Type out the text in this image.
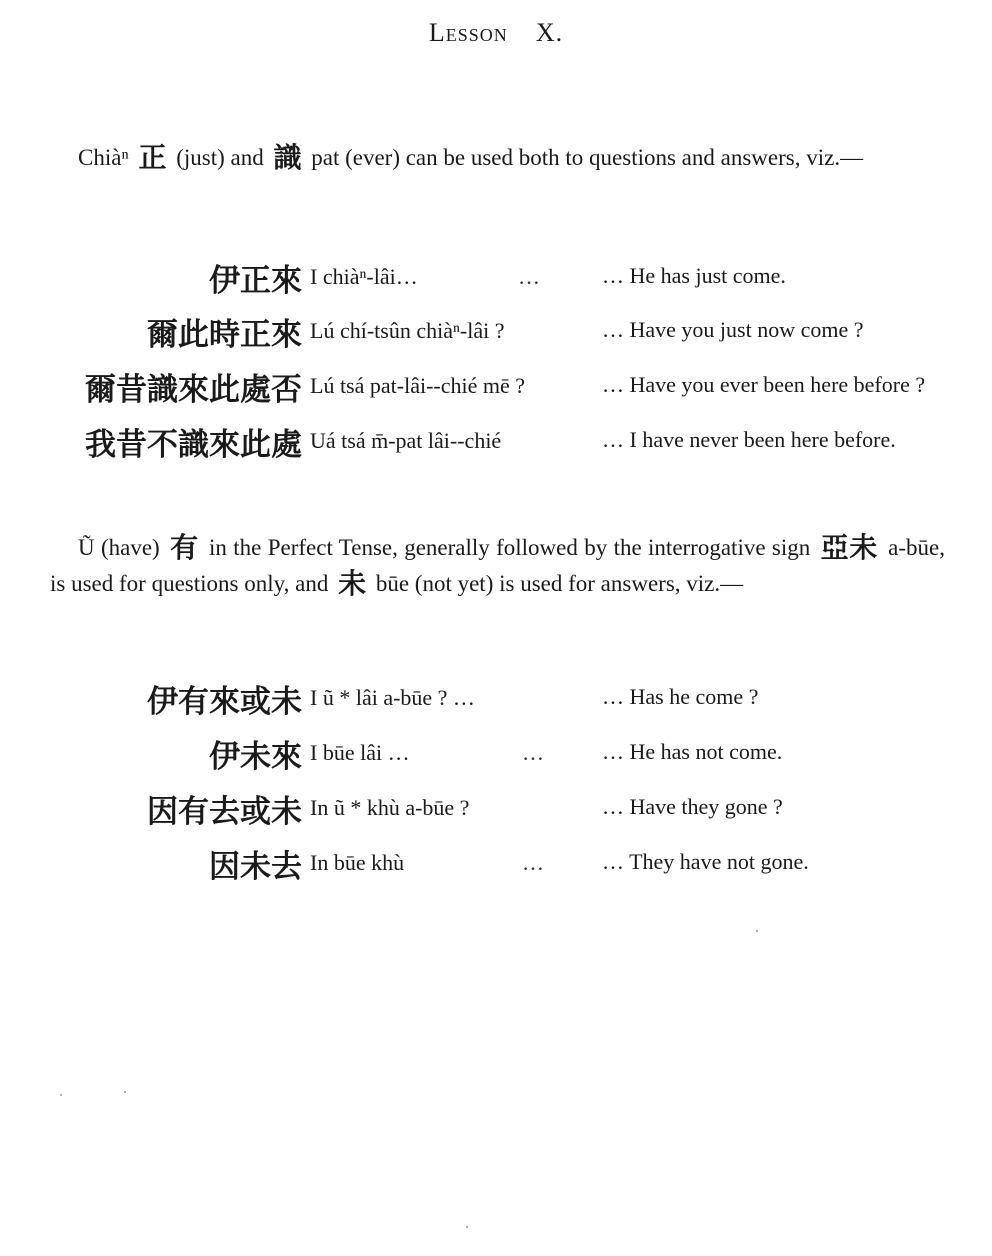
Lesson X.
Chiàⁿ 正 (just) and 識 pat (ever) can be used both to questions and answers, viz.—
伊正來 I chiàⁿ-lâi…	…	… He has just come.
爾此時正來 Lú chí-tsûn chiàⁿ-lâi ?	… Have you just now come ?
爾昔識來此處否 Lú tsá pat-lâi--chié mē ?	… Have you ever been here before ?
我昔不識來此處 Uá tsá m̄-pat lâi--chié	… I have never been here before.
Ũ (have) 有 in the Perfect Tense, generally followed by the interrogative sign 亞未 a-būe, is used for questions only, and 未 būe (not yet) is used for answers, viz.—
伊有來或未 I ũ * lâi a-būe ? …	… Has he come ?
伊未來 I būe lâi …	…	… He has not come.
因有去或未 In ũ * khù a-būe ?	… Have they gone ?
因未去 In būe khù	…	… They have not gone.
